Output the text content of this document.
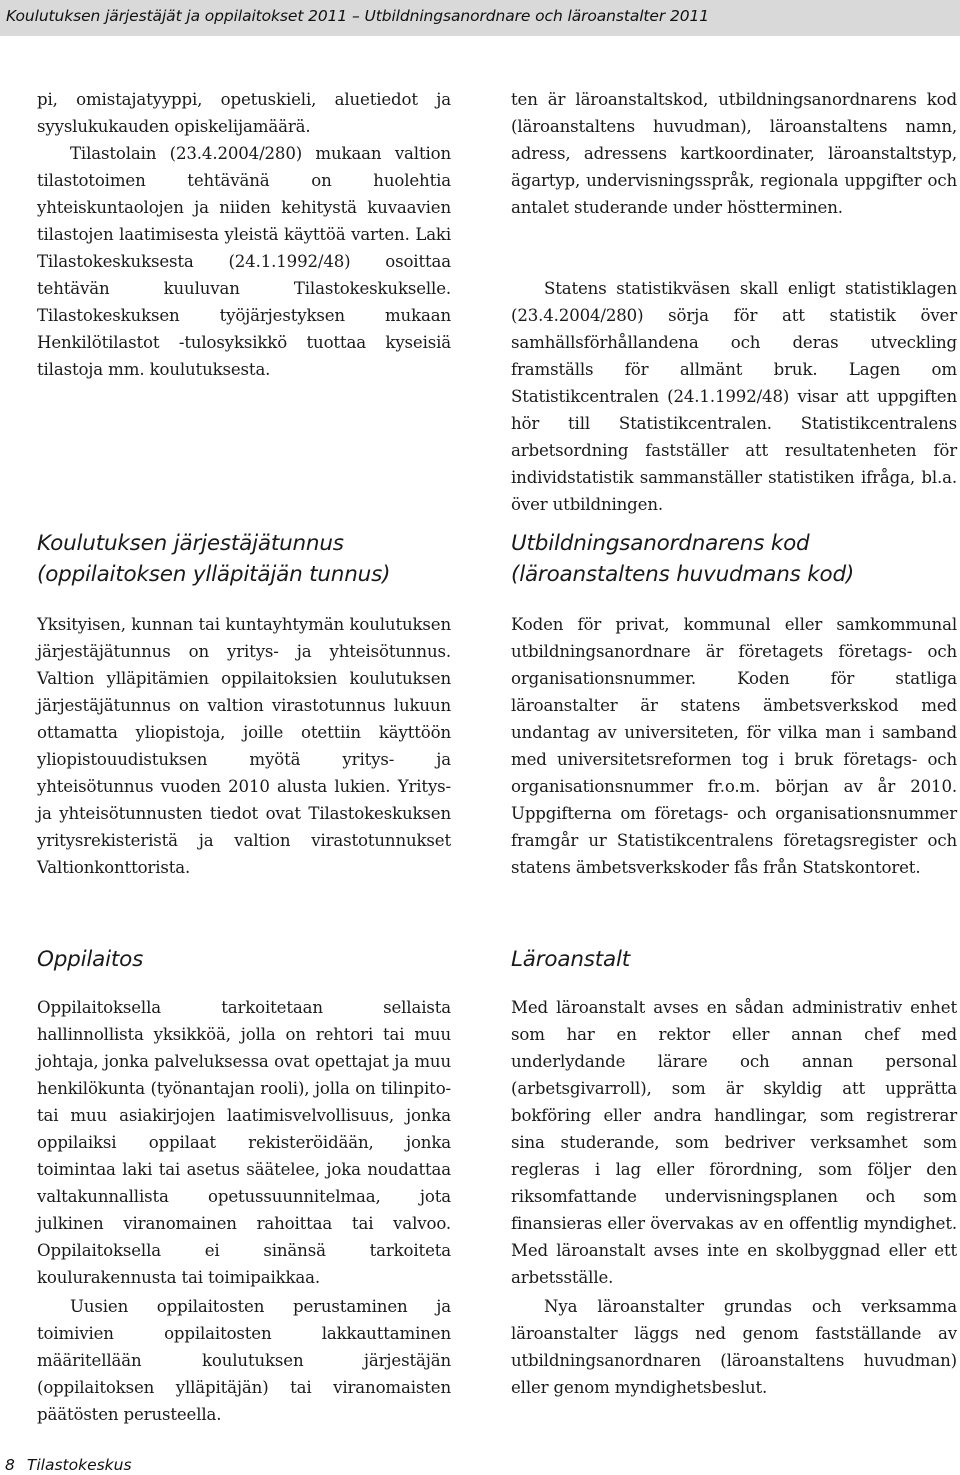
Koulutuksen järjestäjät ja oppilaitokset 2011 – Utbildningsanordnare och läroanstalter 2011

pi, omistajatyyppi, opetuskieli, aluetiedot ja syyslukukauden opiskelijamäärä.

Tilastolain (23.4.2004/280) mukaan valtion tilastotoimen tehtävänä on huolehtia yhteiskuntaolojen ja niiden kehitystä kuvaavien tilastojen laatimisesta yleistä käyttöä varten. Laki Tilastokeskuksesta (24.1.1992/48) osoittaa tehtävän kuuluvan Tilastokeskukselle. Tilastokeskuksen työjärjestyksen mukaan Henkilötilastot -tulosyksikkö tuottaa kyseisiä tilastoja mm. koulutuksesta.

Koulutuksen järjestäjätunnus (oppilaitoksen ylläpitäjän tunnus)

Yksityisen, kunnan tai kuntayhtymän koulutuksen järjestäjätunnus on yritys- ja yhteisötunnus. Valtion ylläpitämien oppilaitoksien koulutuksen järjestäjätunnus on valtion virastotunnus lukuun ottamatta yliopistoja, joille otettiin käyttöön yliopistouudistuksen myötä yritys- ja yhteisötunnus vuoden 2010 alusta lukien. Yritys- ja yhteisötunnusten tiedot ovat Tilastokeskuksen yritysrekisteristä ja valtion virastotunnukset Valtionkonttorista.

Oppilaitos

Oppilaitoksella tarkoitetaan sellaista hallinnollista yksikköä, jolla on rehtori tai muu johtaja, jonka palveluksessa ovat opettajat ja muu henkilökunta (työnantajan rooli), jolla on tilinpito- tai muu asiakirjojen laatimisvelvollisuus, jonka oppilaiksi oppilaat rekisteröidään, jonka toimintaa laki tai asetus säätelee, joka noudattaa valtakunnallista opetussuunnitelmaa, jota julkinen viranomainen rahoittaa tai valvoo. Oppilaitoksella ei sinänsä tarkoiteta koulurakennusta tai toimipaikkaa.

Uusien oppilaitosten perustaminen ja toimivien oppilaitosten lakkauttaminen määritellään koulutuksen järjestäjän (oppilaitoksen ylläpitäjän) tai viranomaisten päätösten perusteella.

ten är läroanstaltskod, utbildningsanordnarens kod (läroanstaltens huvudman), läroanstaltens namn, adress, adressens kartkoordinater, läroanstaltstyp, ägartyp, undervisningsspråk, regionala uppgifter och antalet studerande under höstterminen.

Statens statistikväsen skall enligt statistiklagen (23.4.2004/280) sörja för att statistik över samhällsförhållandena och deras utveckling framställs för allmänt bruk. Lagen om Statistikcentralen (24.1.1992/48) visar att uppgiften hör till Statistikcentralen. Statistikcentralens arbetsordning fastställer att resultatenheten för individstatistik sammanställer statistiken ifråga, bl.a. över utbildningen.

Utbildningsanordnarens kod (läroanstaltens huvudmans kod)

Koden för privat, kommunal eller samkommunal utbildningsanordnare är företagets företags- och organisationsnummer. Koden för statliga läroanstalter är statens ämbetsverkskod med undantag av universiteten, för vilka man i samband med universitetsreformen tog i bruk företags- och organisationsnummer fr.o.m. början av år 2010. Uppgifterna om företags- och organisationsnummer framgår ur Statistikcentralens företagsregister och statens ämbetsverkskoder fås från Statskontoret.

Läroanstalt

Med läroanstalt avses en sådan administrativ enhet som har en rektor eller annan chef med underlydande lärare och annan personal (arbetsgivarroll), som är skyldig att upprätta bokföring eller andra handlingar, som registrerar sina studerande, som bedriver verksamhet som regleras i lag eller förordning, som följer den riksomfattande undervisningsplanen och som finansieras eller övervakas av en offentlig myndighet. Med läroanstalt avses inte en skolbyggnad eller ett arbetsställe.

Nya läroanstalter grundas och verksamma läroanstalter läggs ned genom fastställande av utbildningsanordnaren (läroanstaltens huvudman) eller genom myndighetsbeslut.

8 Tilastokeskus
